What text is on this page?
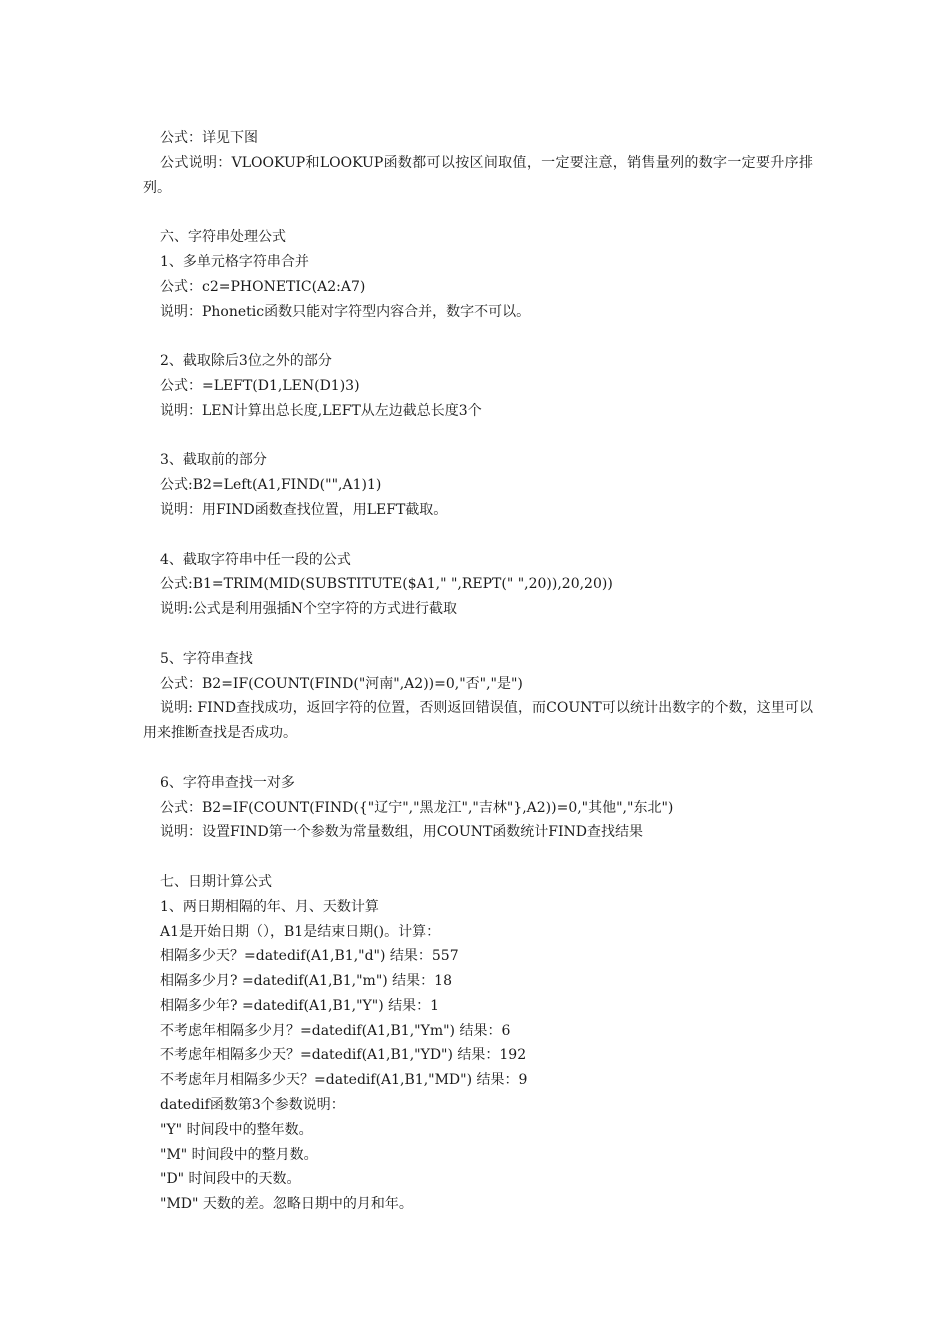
公式：详见下图

公式说明：VLOOKUP和LOOKUP函数都可以按区间取值，一定要注意，销售量列的数字一定要升序排列。

六、字符串处理公式

1、多单元格字符串合并

公式：c2=PHONETIC(A2:A7)

说明：Phonetic函数只能对字符型内容合并，数字不可以。

2、截取除后3位之外的部分

公式：=LEFT(D1,LEN(D1)3)

说明：LEN计算出总长度,LEFT从左边截总长度3个

3、截取前的部分

公式:B2=Left(A1,FIND("",A1)1)

说明：用FIND函数查找位置，用LEFT截取。

4、截取字符串中任一段的公式

公式:B1=TRIM(MID(SUBSTITUTE($A1," ",REPT(" ",20)),20,20))

说明:公式是利用强插N个空字符的方式进行截取

5、字符串查找

公式：B2=IF(COUNT(FIND("河南",A2))=0,"否","是")

说明: FIND查找成功，返回字符的位置，否则返回错误值，而COUNT可以统计出数字的个数，这里可以用来推断查找是否成功。

6、字符串查找一对多

公式：B2=IF(COUNT(FIND({"辽宁","黑龙江","吉林"},A2))=0,"其他","东北")

说明：设置FIND第一个参数为常量数组，用COUNT函数统计FIND查找结果

七、日期计算公式

1、两日期相隔的年、月、天数计算

A1是开始日期（），B1是结束日期()。计算：

相隔多少天？=datedif(A1,B1,"d") 结果：557

相隔多少月? =datedif(A1,B1,"m") 结果：18

相隔多少年? =datedif(A1,B1,"Y") 结果：1

不考虑年相隔多少月？=datedif(A1,B1,"Ym") 结果：6

不考虑年相隔多少天？=datedif(A1,B1,"YD") 结果：192

不考虑年月相隔多少天？=datedif(A1,B1,"MD") 结果：9

datedif函数第3个参数说明：

"Y" 时间段中的整年数。

"M" 时间段中的整月数。

"D" 时间段中的天数。

"MD" 天数的差。忽略日期中的月和年。
